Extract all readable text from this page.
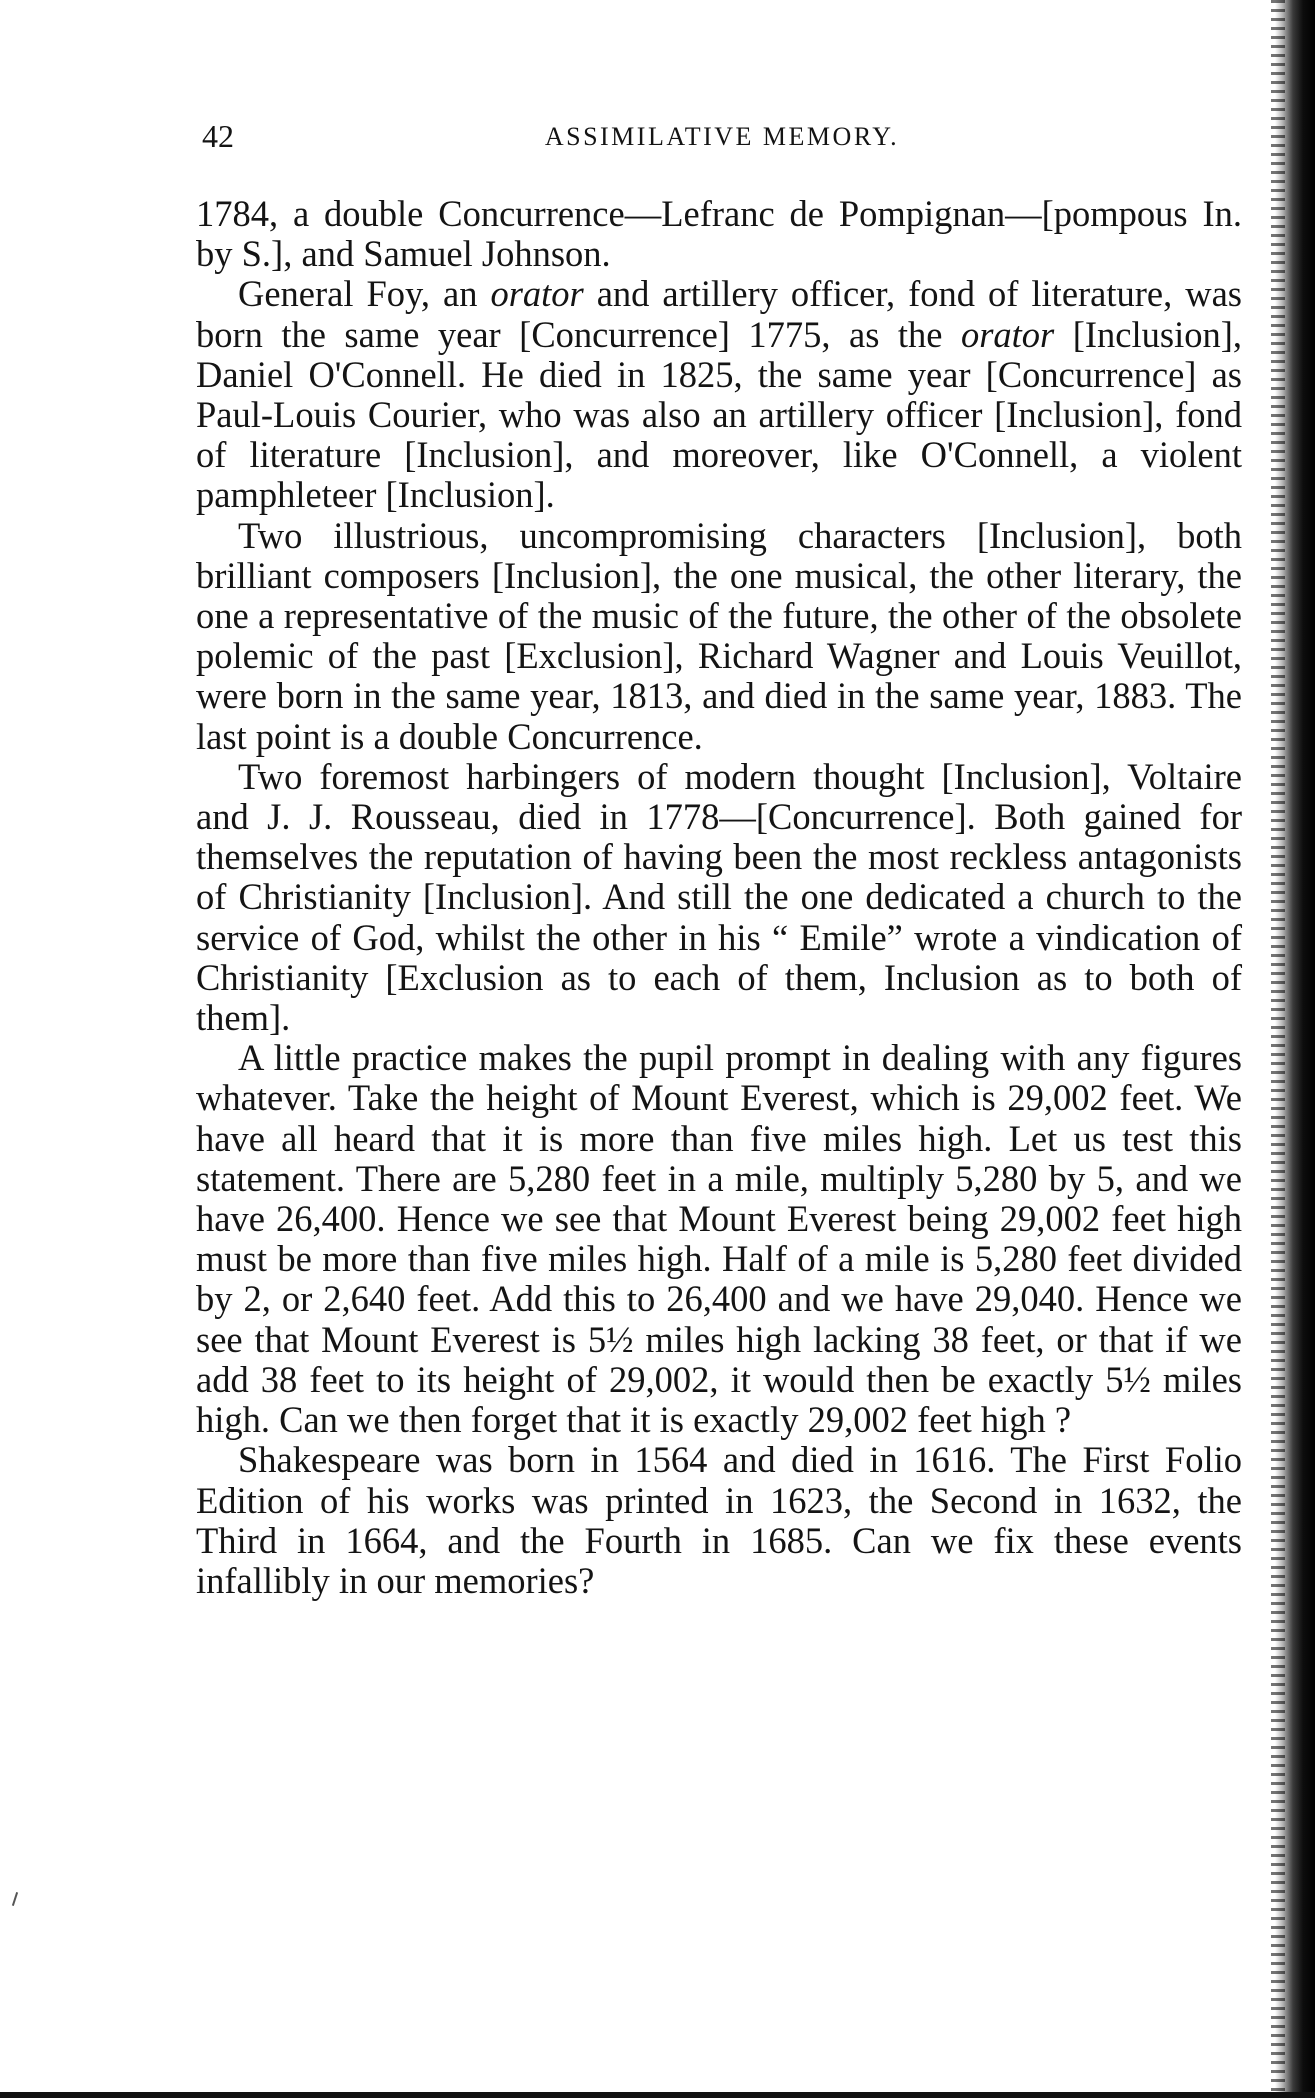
42	ASSIMILATIVE MEMORY.

1784, a double Concurrence—Lefranc de Pompignan—[pompous In. by S.], and Samuel Johnson.

General Foy, an orator and artillery officer, fond of literature, was born the same year [Concurrence] 1775, as the orator [Inclusion], Daniel O'Connell. He died in 1825, the same year [Concurrence] as Paul-Louis Courier, who was also an artillery officer [Inclusion], fond of literature [Inclusion], and moreover, like O'Connell, a violent pamphleteer [Inclusion].

Two illustrious, uncompromising characters [Inclusion], both brilliant composers [Inclusion], the one musical, the other literary, the one a representative of the music of the future, the other of the obsolete polemic of the past [Exclusion], Richard Wagner and Louis Veuillot, were born in the same year, 1813, and died in the same year, 1883. The last point is a double Concurrence.

Two foremost harbingers of modern thought [Inclusion], Voltaire and J. J. Rousseau, died in 1778—[Concurrence]. Both gained for themselves the reputation of having been the most reckless antagonists of Christianity [Inclusion]. And still the one dedicated a church to the service of God, whilst the other in his “ Emile” wrote a vindication of Christianity [Exclusion as to each of them, Inclusion as to both of them].

A little practice makes the pupil prompt in dealing with any figures whatever. Take the height of Mount Everest, which is 29,002 feet. We have all heard that it is more than five miles high. Let us test this statement. There are 5,280 feet in a mile, multiply 5,280 by 5, and we have 26,400. Hence we see that Mount Everest being 29,002 feet high must be more than five miles high. Half of a mile is 5,280 feet divided by 2, or 2,640 feet. Add this to 26,400 and we have 29,040. Hence we see that Mount Everest is 5½ miles high lacking 38 feet, or that if we add 38 feet to its height of 29,002, it would then be exactly 5½ miles high. Can we then forget that it is exactly 29,002 feet high ?

Shakespeare was born in 1564 and died in 1616. The First Folio Edition of his works was printed in 1623, the Second in 1632, the Third in 1664, and the Fourth in 1685. Can we fix these events infallibly in our memories?
